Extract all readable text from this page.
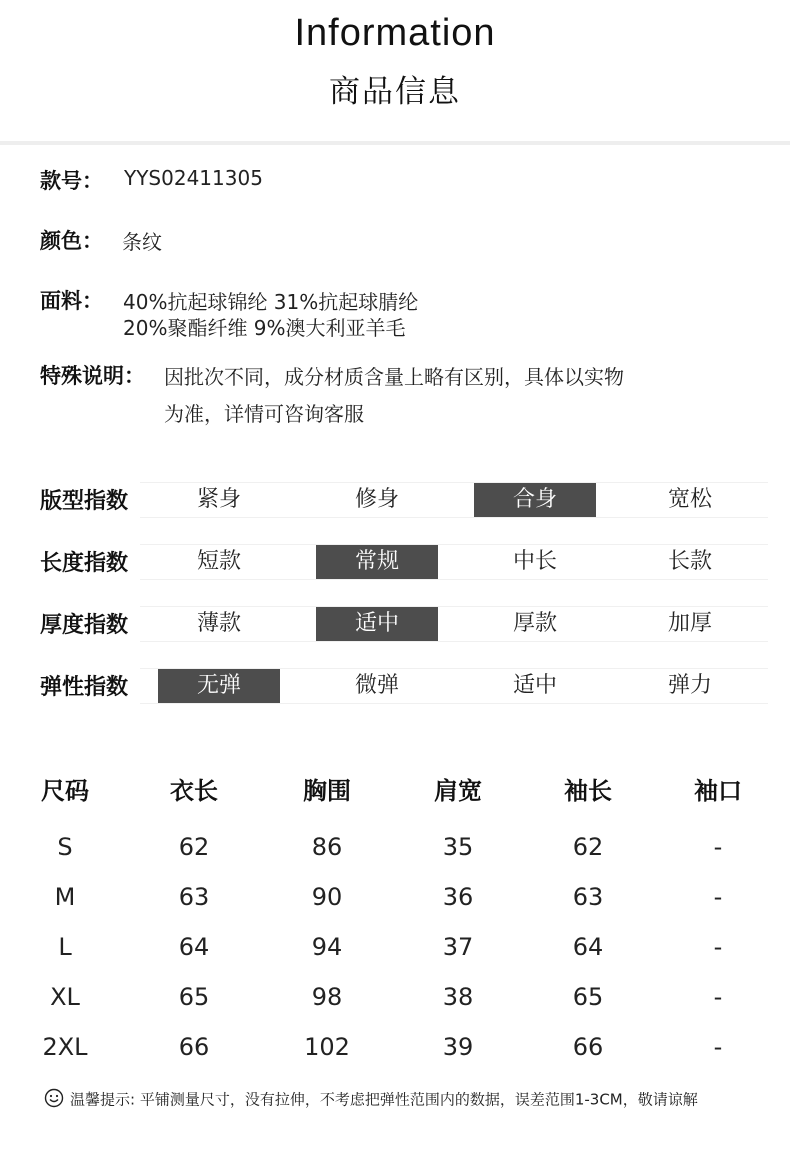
Information
商品信息
款号： YYS02411305
颜色： 条纹
面料： 40%抗起球锦纶 31%抗起球腈纶
20%聚酯纤维 9%澳大利亚羊毛
特殊说明： 因批次不同，成分材质含量上略有区别，具体以实物
为准，详情可咨询客服
版型指数	紧身	修身	合身	宽松
长度指数	短款	常规	中长	长款
厚度指数	薄款	适中	厚款	加厚
弹性指数	无弹	微弹	适中	弹力
尺码	衣长	胸围	肩宽	袖长	袖口
S	62	86	35	62	-
M	63	90	36	63	-
L	64	94	37	64	-
XL	65	98	38	65	-
2XL	66	102	39	66	-
温馨提示: 平铺测量尺寸，没有拉伸，不考虑把弹性范围内的数据，误差范围1-3CM，敬请谅解
